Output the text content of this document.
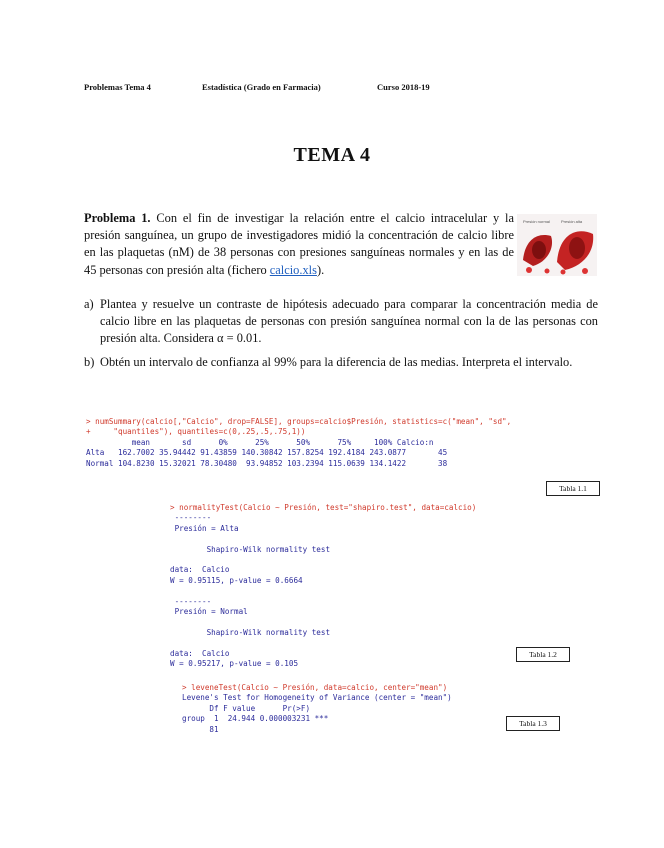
Problemas Tema 4	Estadística (Grado en Farmacia)	Curso 2018-19
TEMA 4
Problema 1. Con el fin de investigar la relación entre el calcio intracelular y la presión sanguínea, un grupo de investigadores midió la concentración de calcio libre en las plaquetas (nM) de 38 personas con presiones sanguíneas normales y en las de 45 personas con presión alta (fichero calcio.xls).
Presión normal	Presión alta
a) Plantea y resuelve un contraste de hipótesis adecuado para comparar la concentración media de calcio libre en las plaquetas de personas con presión sanguínea normal con la de las personas con presión alta. Considera α = 0.01.
b) Obtén un intervalo de confianza al 99% para la diferencia de las medias. Interpreta el intervalo.
> numSummary(calcio[,"Calcio", drop=FALSE], groups=calcio$Presión, statistics=c("mean", "sd",
+     "quantiles"), quantiles=c(0,.25,.5,.75,1))
mean       sd      0%      25%      50%      75%     100% Calcio:n
Alta   162.7002 35.94442 91.43859 140.30842 157.8254 192.4184 243.0877       45
Normal 104.8230 15.32021 78.30480  93.94852 103.2394 115.0639 134.1422       38
Tabla 1.1
> normalityTest(Calcio ~ Presión, test="shapiro.test", data=calcio)
--------
Presión = Alta
Shapiro-Wilk normality test
data:  Calcio
W = 0.95115, p-value = 0.6664
--------
Presión = Normal
Shapiro-Wilk normality test
data:  Calcio
W = 0.95217, p-value = 0.105
Tabla 1.2
> leveneTest(Calcio ~ Presión, data=calcio, center="mean")
Levene's Test for Homogeneity of Variance (center = "mean")
Df F value      Pr(>F)
group  1  24.944 0.000003231 ***
81
Tabla 1.3
